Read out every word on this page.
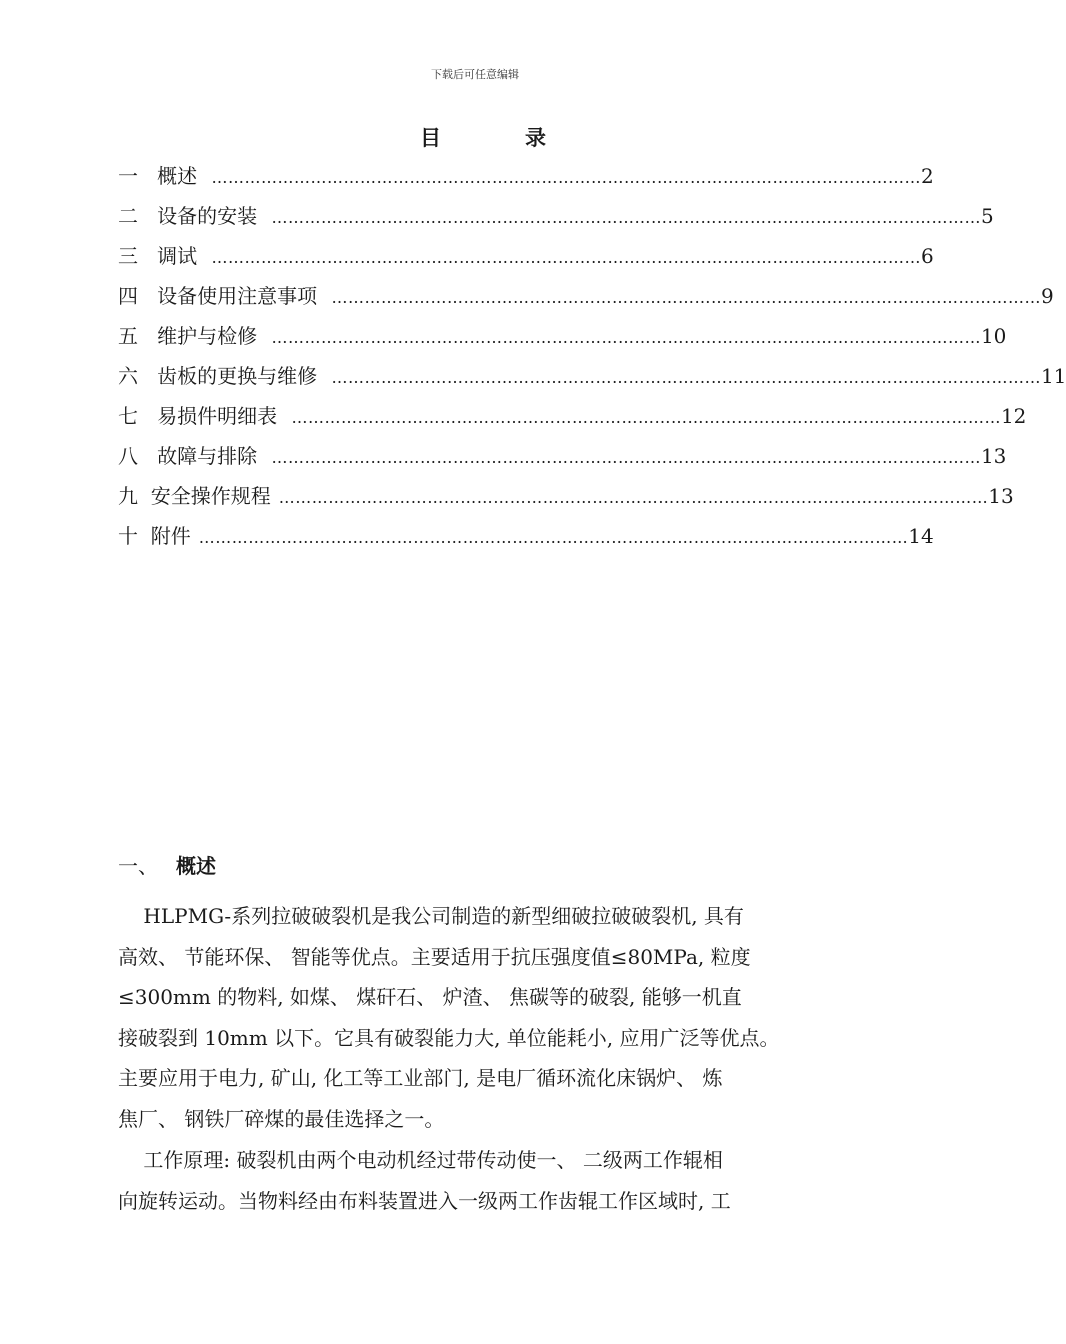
下载后可任意编辑
目	录
一 概述 ………………………………………………………………………………………………………………… 2
二 设备的安装 ………………………………………………………………………………………………………………… 5
三 调试 ………………………………………………………………………………………………………………… 6
四 设备使用注意事项 ………………………………………………………………………………………………………………… 9
五 维护与检修 ………………………………………………………………………………………………………………… 10
六 齿板的更换与维修 ………………………………………………………………………………………………………………… 11
七 易损件明细表 ………………………………………………………………………………………………………………… 12
八 故障与排除 ………………………………………………………………………………………………………………… 13
九 安全操作规程 ………………………………………………………………………………………………………………… 13
十 附件 ………………………………………………………………………………………………………………… 14
一、 概述
HLPMG-系列拉破破裂机是我公司制造的新型细破拉破破裂机, 具有
高效、 节能环保、 智能等优点。主要适用于抗压强度值≤80MPa, 粒度
≤300mm 的物料, 如煤、 煤矸石、 炉渣、 焦碳等的破裂, 能够一机直
接破裂到 10mm 以下。它具有破裂能力大, 单位能耗小, 应用广泛等优点。
主要应用于电力, 矿山, 化工等工业部门, 是电厂循环流化床锅炉、 炼
焦厂、 钢铁厂碎煤的最佳选择之一。
工作原理: 破裂机由两个电动机经过带传动使一、 二级两工作辊相
向旋转运动。当物料经由布料装置进入一级两工作齿辊工作区域时, 工
